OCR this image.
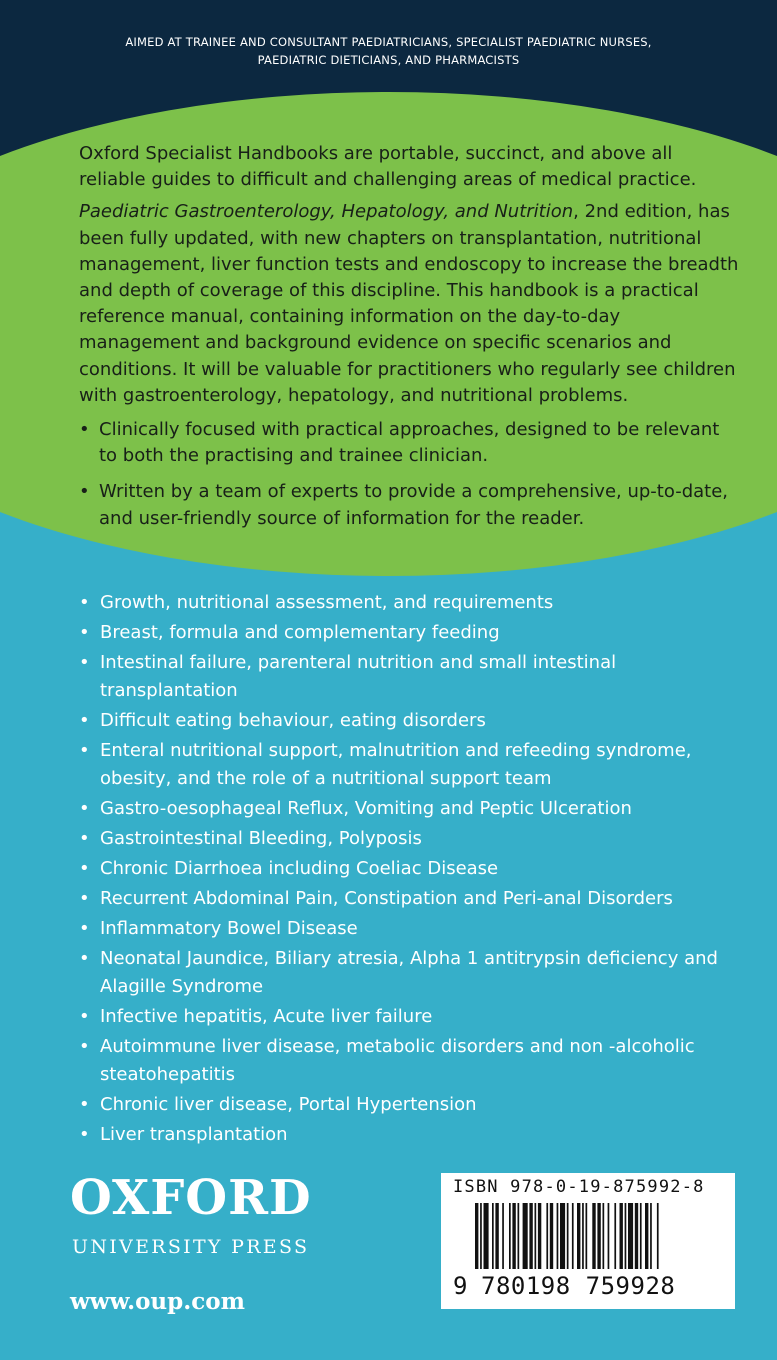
AIMED AT TRAINEE AND CONSULTANT PAEDIATRICIANS, SPECIALIST PAEDIATRIC NURSES,
PAEDIATRIC DIETICIANS, AND PHARMACISTS

Oxford Specialist Handbooks are portable, succinct, and above all reliable guides to difficult and challenging areas of medical practice.

Paediatric Gastroenterology, Hepatology, and Nutrition, 2nd edition, has been fully updated, with new chapters on transplantation, nutritional management, liver function tests and endoscopy to increase the breadth and depth of coverage of this discipline. This handbook is a practical reference manual, containing information on the day-to-day management and background evidence on specific scenarios and conditions. It will be valuable for practitioners who regularly see children with gastroenterology, hepatology, and nutritional problems.

• Clinically focused with practical approaches, designed to be relevant to both the practising and trainee clinician.
• Written by a team of experts to provide a comprehensive, up-to-date, and user-friendly source of information for the reader.
• Growth, nutritional assessment, and requirements
• Breast, formula and complementary feeding
• Intestinal failure, parenteral nutrition and small intestinal transplantation
• Difficult eating behaviour, eating disorders
• Enteral nutritional support, malnutrition and refeeding syndrome, obesity, and the role of a nutritional support team
• Gastro-oesophageal Reflux, Vomiting and Peptic Ulceration
• Gastrointestinal Bleeding, Polyposis
• Chronic Diarrhoea including Coeliac Disease
• Recurrent Abdominal Pain, Constipation and Peri-anal Disorders
• Inflammatory Bowel Disease
• Neonatal Jaundice, Biliary atresia, Alpha 1 antitrypsin deficiency and Alagille Syndrome
• Infective hepatitis, Acute liver failure
• Autoimmune liver disease, metabolic disorders and non -alcoholic steatohepatitis
• Chronic liver disease, Portal Hypertension
• Liver transplantation
OXFORD
UNIVERSITY PRESS
www.oup.com
ISBN 978-0-19-875992-8
9 780198 759928
